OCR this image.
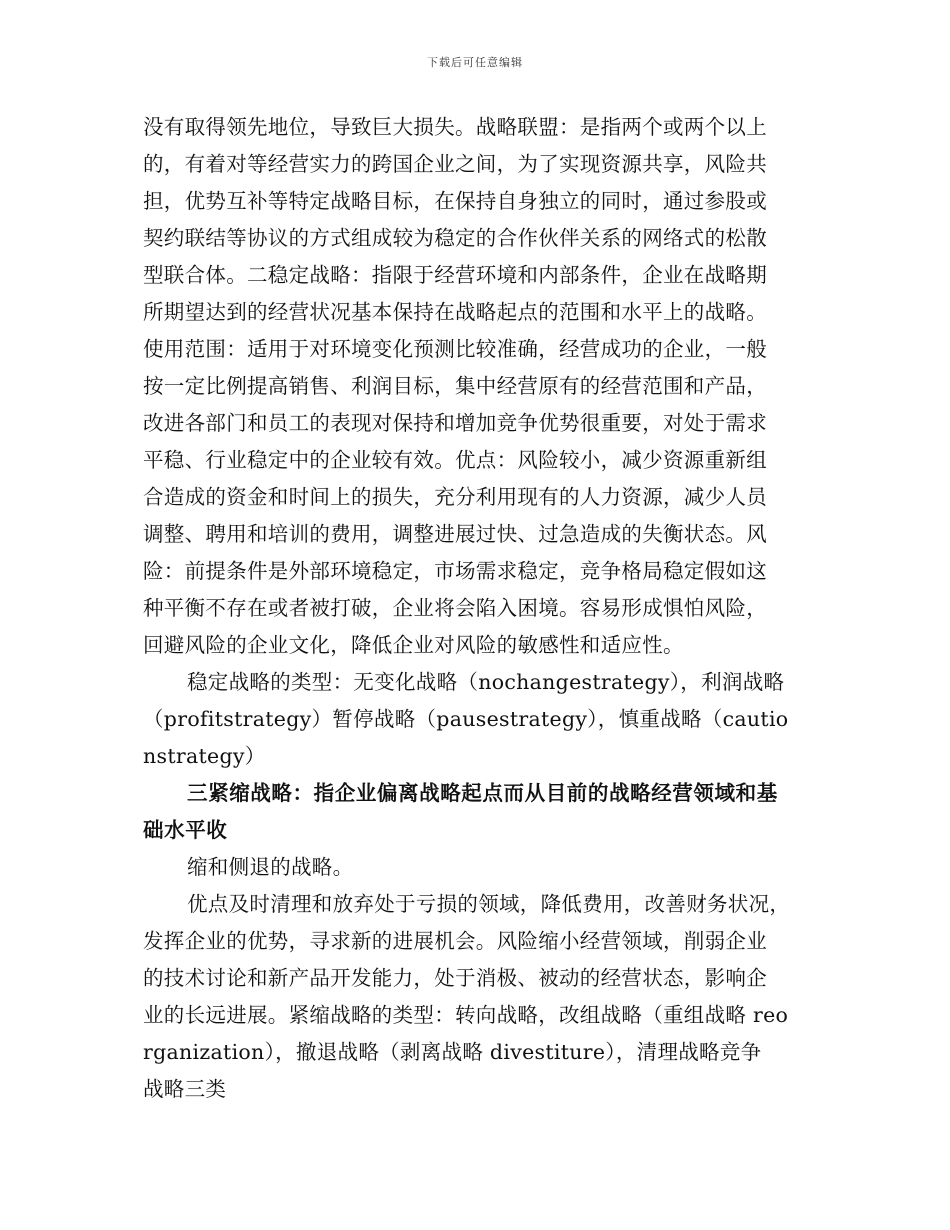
下载后可任意编辑
没有取得领先地位，导致巨大损失。战略联盟：是指两个或两个以上
的，有着对等经营实力的跨国企业之间，为了实现资源共享，风险共
担，优势互补等特定战略目标，在保持自身独立的同时，通过参股或
契约联结等协议的方式组成较为稳定的合作伙伴关系的网络式的松散
型联合体。二稳定战略：指限于经营环境和内部条件，企业在战略期
所期望达到的经营状况基本保持在战略起点的范围和水平上的战略。
使用范围：适用于对环境变化预测比较准确，经营成功的企业，一般
按一定比例提高销售、利润目标，集中经营原有的经营范围和产品，
改进各部门和员工的表现对保持和增加竞争优势很重要，对处于需求
平稳、行业稳定中的企业较有效。优点：风险较小，减少资源重新组
合造成的资金和时间上的损失，充分利用现有的人力资源，减少人员
调整、聘用和培训的费用，调整进展过快、过急造成的失衡状态。风
险：前提条件是外部环境稳定，市场需求稳定，竞争格局稳定假如这
种平衡不存在或者被打破，企业将会陷入困境。容易形成惧怕风险，
回避风险的企业文化，降低企业对风险的敏感性和适应性。
稳定战略的类型：无变化战略（nochangestrategy），利润战略
（profitstrategy）暂停战略（pausestrategy），慎重战略（cautio
nstrategy）
三紧缩战略：指企业偏离战略起点而从目前的战略经营领域和基
础水平收
缩和侧退的战略。
优点及时清理和放弃处于亏损的领域，降低费用，改善财务状况，
发挥企业的优势，寻求新的进展机会。风险缩小经营领域，削弱企业
的技术讨论和新产品开发能力，处于消极、被动的经营状态，影响企
业的长远进展。紧缩战略的类型：转向战略，改组战略（重组战略 reo
rganization），撤退战略（剥离战略 divestiture），清理战略竞争
战略三类
